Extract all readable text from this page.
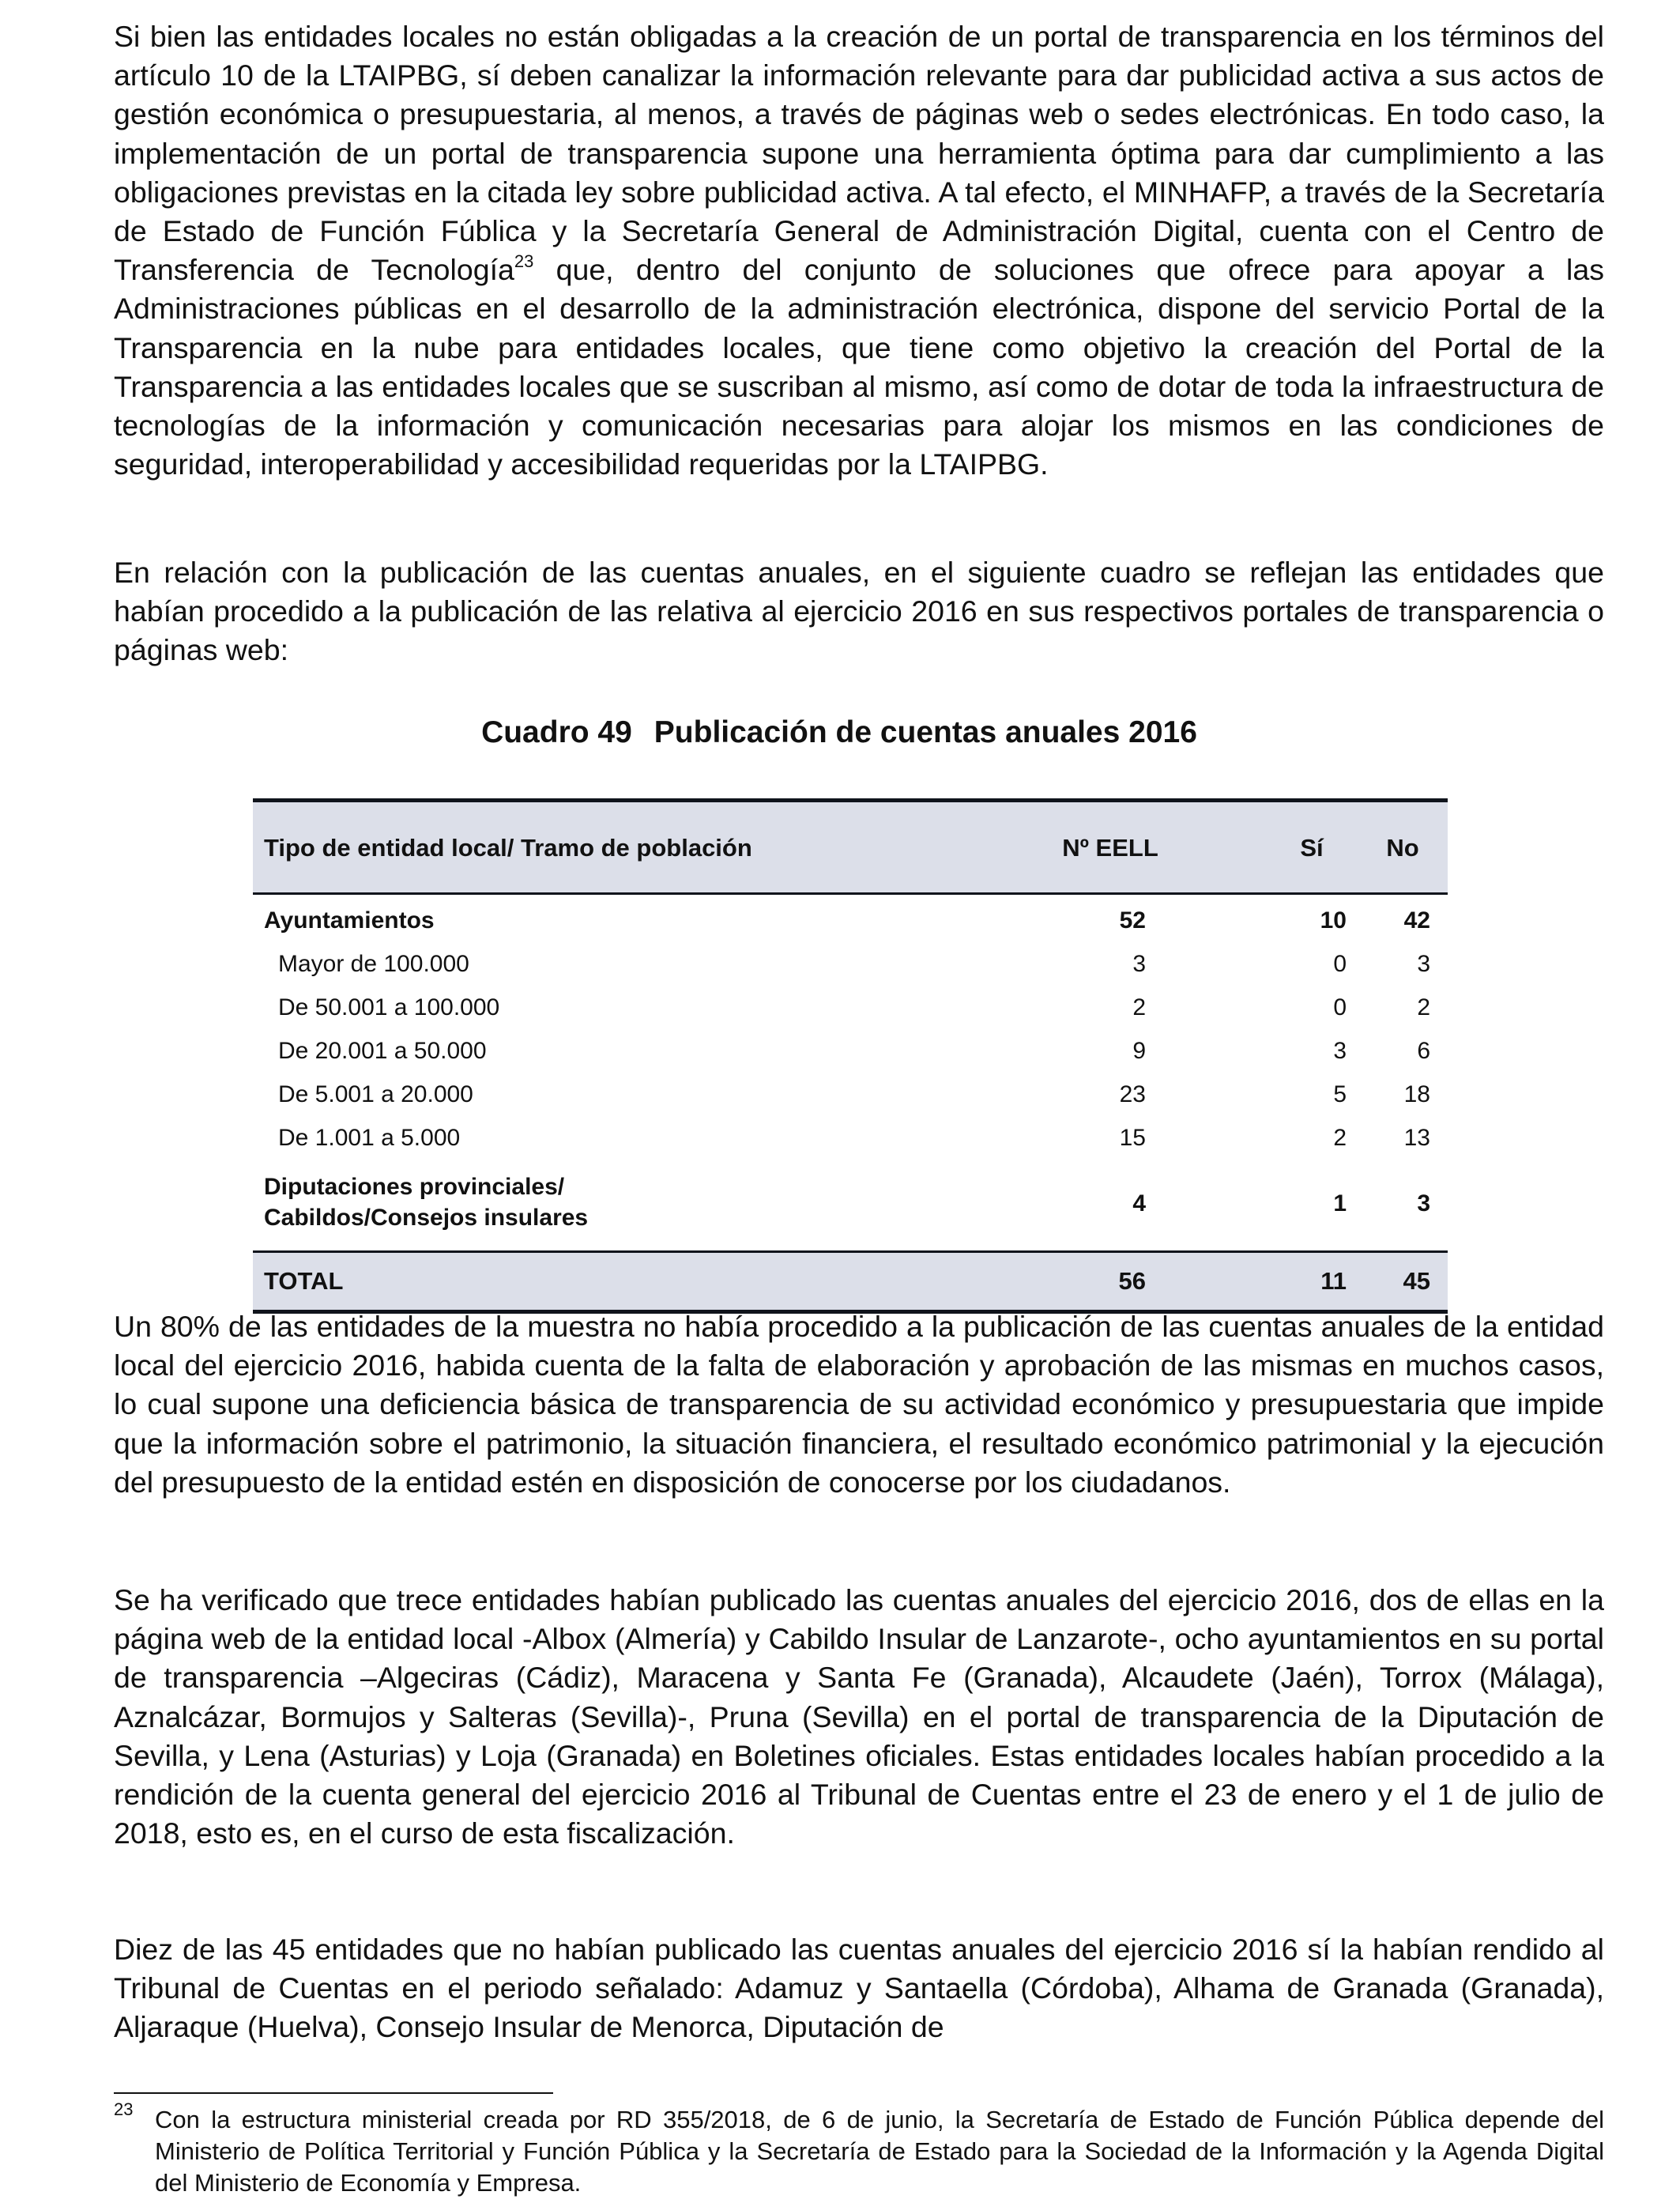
Si bien las entidades locales no están obligadas a la creación de un portal de transparencia en los términos del artículo 10 de la LTAIPBG, sí deben canalizar la información relevante para dar publicidad activa a sus actos de gestión económica o presupuestaria, al menos, a través de páginas web o sedes electrónicas. En todo caso, la implementación de un portal de transparencia supone una herramienta óptima para dar cumplimiento a las obligaciones previstas en la citada ley sobre publicidad activa. A tal efecto, el MINHAFP, a través de la Secretaría de Estado de Función Fública y la Secretaría General de Administración Digital, cuenta con el Centro de Transferencia de Tecnología$^{23}$ que, dentro del conjunto de soluciones que ofrece para apoyar a las Administraciones públicas en el desarrollo de la administración electrónica, dispone del servicio Portal de la Transparencia en la nube para entidades locales, que tiene como objetivo la creación del Portal de la Transparencia a las entidades locales que se suscriban al mismo, así como de dotar de toda la infraestructura de tecnologías de la información y comunicación necesarias para alojar los mismos en las condiciones de seguridad, interoperabilidad y accesibilidad requeridas por la LTAIPBG.

En relación con la publicación de las cuentas anuales, en el siguiente cuadro se reflejan las entidades que habían procedido a la publicación de las relativa al ejercicio 2016 en sus respectivos portales de transparencia o páginas web:

Cuadro 49 Publicación de cuentas anuales 2016
Tipo de entidad local/ Tramo de población	Nº EELL	Sí	No
Ayuntamientos	52	10	42
Mayor de 100.000	3	0	3
De 50.001 a 100.000	2	0	2
De 20.001 a 50.000	9	3	6
De 5.001 a 20.000	23	5	18
De 1.001 a 5.000	15	2	13
Diputaciones provinciales/
Cabildos/Consejos insulares
4	1	3
TOTAL	56	11	45

Un 80% de las entidades de la muestra no había procedido a la publicación de las cuentas anuales de la entidad local del ejercicio 2016, habida cuenta de la falta de elaboración y aprobación de las mismas en muchos casos, lo cual supone una deficiencia básica de transparencia de su actividad económico y presupuestaria que impide que la información sobre el patrimonio, la situación financiera, el resultado económico patrimonial y la ejecución del presupuesto de la entidad estén en disposición de conocerse por los ciudadanos.

Se ha verificado que trece entidades habían publicado las cuentas anuales del ejercicio 2016, dos de ellas en la página web de la entidad local -Albox (Almería) y Cabildo Insular de Lanzarote-, ocho ayuntamientos en su portal de transparencia –Algeciras (Cádiz), Maracena y Santa Fe (Granada), Alcaudete (Jaén), Torrox (Málaga), Aznalcázar, Bormujos y Salteras (Sevilla)-, Pruna (Sevilla) en el portal de transparencia de la Diputación de Sevilla, y Lena (Asturias) y Loja (Granada) en Boletines oficiales. Estas entidades locales habían procedido a la rendición de la cuenta general del ejercicio 2016 al Tribunal de Cuentas entre el 23 de enero y el 1 de julio de 2018, esto es, en el curso de esta fiscalización.

Diez de las 45 entidades que no habían publicado las cuentas anuales del ejercicio 2016 sí la habían rendido al Tribunal de Cuentas en el periodo señalado: Adamuz y Santaella (Córdoba), Alhama de Granada (Granada), Aljaraque (Huelva), Consejo Insular de Menorca, Diputación de

23 Con la estructura ministerial creada por RD 355/2018, de 6 de junio, la Secretaría de Estado de Función Pública depende del Ministerio de Política Territorial y Función Pública y la Secretaría de Estado para la Sociedad de la Información y la Agenda Digital del Ministerio de Economía y Empresa.
